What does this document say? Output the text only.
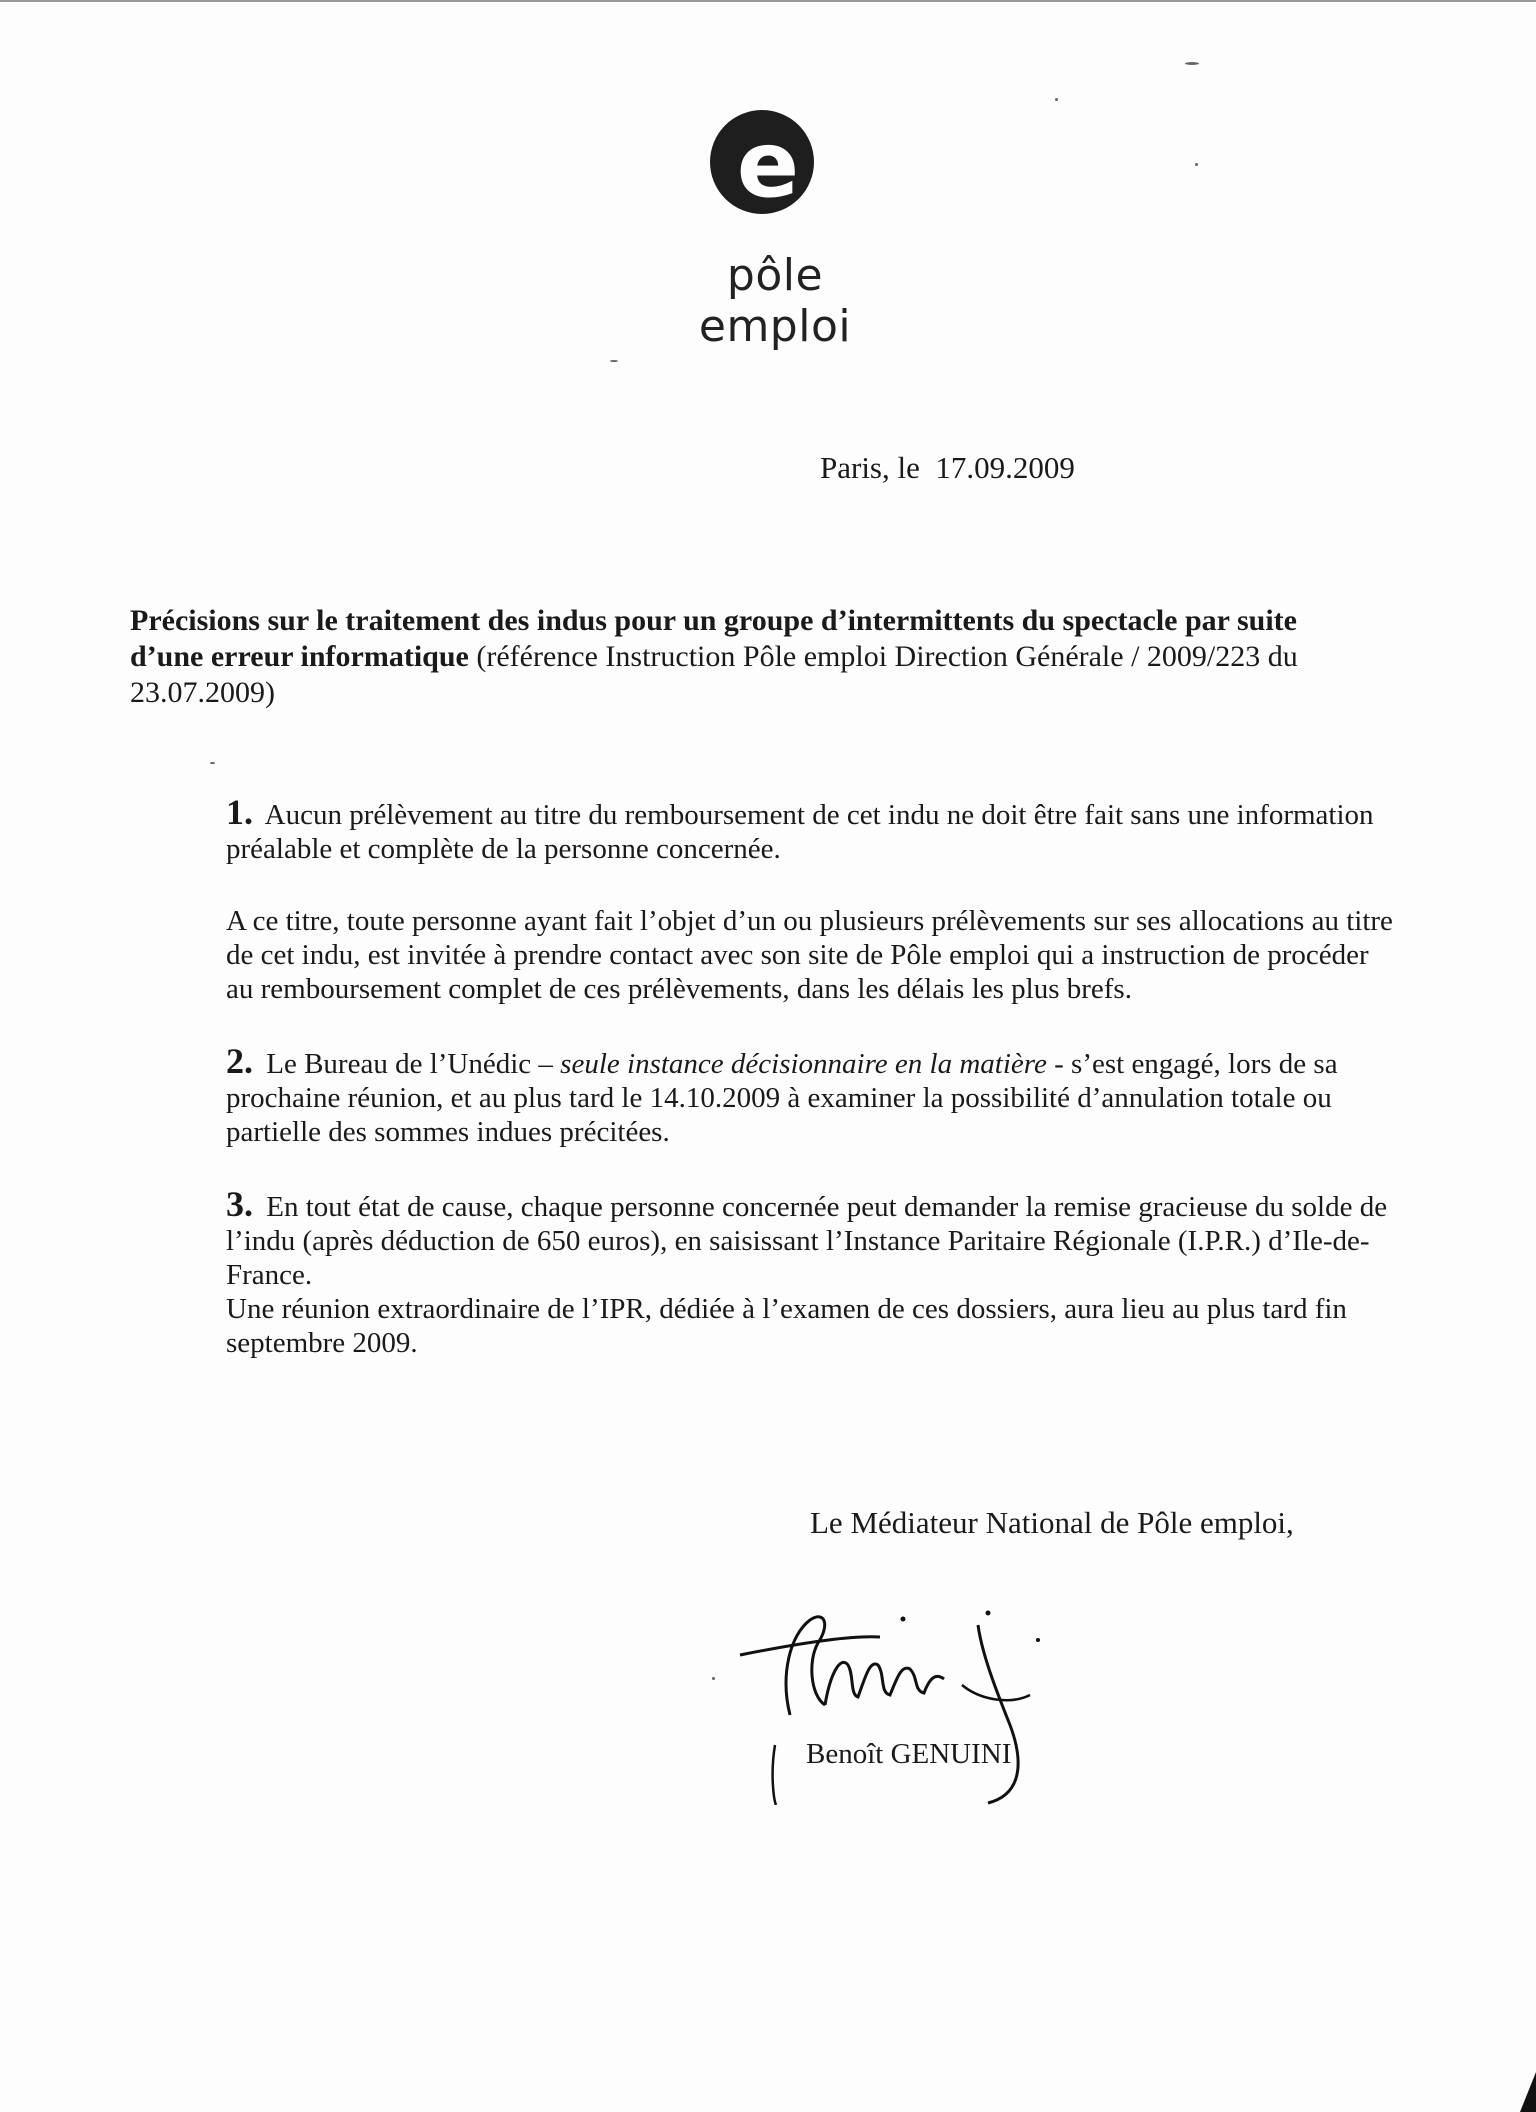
e
pôle emploi
Paris, le  17.09.2009
Précisions sur le traitement des indus pour un groupe d’intermittents du spectacle par suite d’une erreur informatique (référence Instruction Pôle emploi Direction Générale / 2009/223 du 23.07.2009)

1. Aucun prélèvement au titre du remboursement de cet indu ne doit être fait sans une information préalable et complète de la personne concernée.

A ce titre, toute personne ayant fait l’objet d’un ou plusieurs prélèvements sur ses allocations au titre de cet indu, est invitée à prendre contact avec son site de Pôle emploi qui a instruction de procéder au remboursement complet de ces prélèvements, dans les délais les plus brefs.

2. Le Bureau de l’Unédic – seule instance décisionnaire en la matière - s’est engagé, lors de sa prochaine réunion, et au plus tard le 14.10.2009 à examiner la possibilité d’annulation totale ou partielle des sommes indues précitées.

3. En tout état de cause, chaque personne concernée peut demander la remise gracieuse du solde de l’indu (après déduction de 650 euros), en saisissant l’Instance Paritaire Régionale (I.P.R.) d’Ile-de-France.

Une réunion extraordinaire de l’IPR, dédiée à l’examen de ces dossiers, aura lieu au plus tard fin septembre 2009.

Le Médiateur National de Pôle emploi,
Benoît GENUINI
